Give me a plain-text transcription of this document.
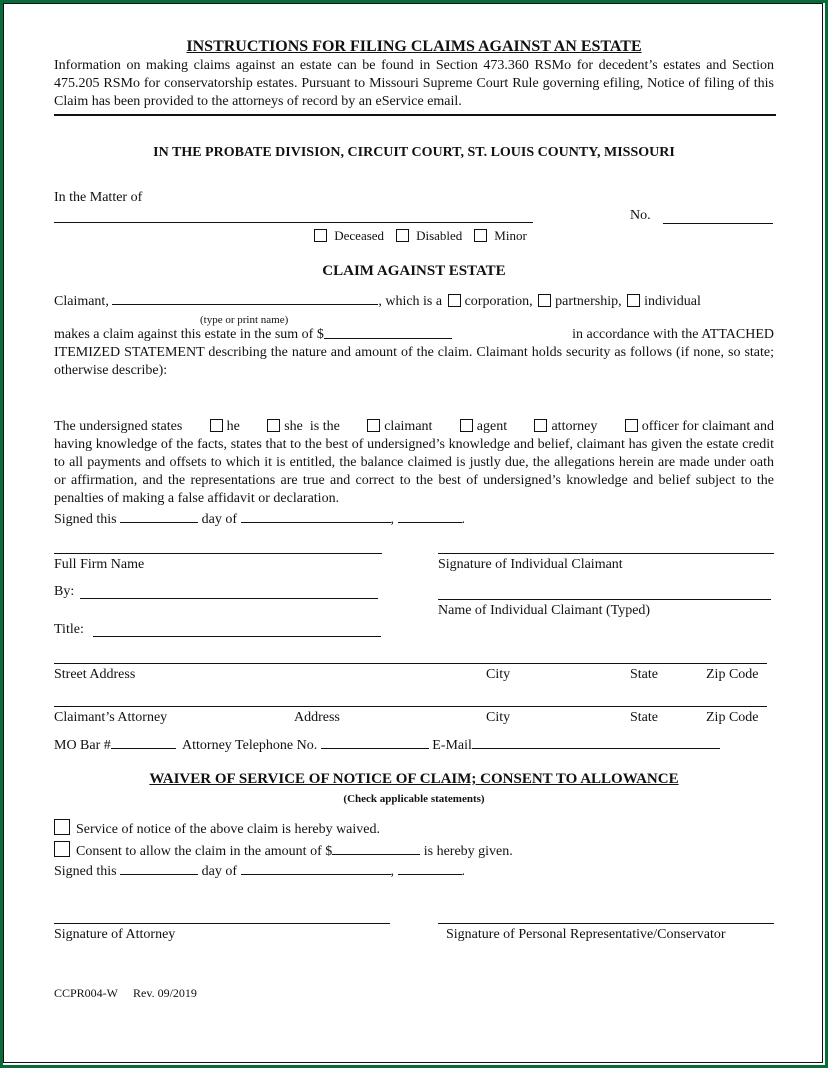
INSTRUCTIONS FOR FILING CLAIMS AGAINST AN ESTATE
Information on making claims against an estate can be found in Section 473.360 RSMo for decedent’s estates and Section 475.205 RSMo for conservatorship estates. Pursuant to Missouri Supreme Court Rule governing efiling, Notice of filing of this Claim has been provided to the attorneys of record by an eService email.
IN THE PROBATE DIVISION, CIRCUIT COURT, ST. LOUIS COUNTY, MISSOURI
In the Matter of
No.
Deceased Disabled Minor
CLAIM AGAINST ESTATE
Claimant,	, which is a corporation, partnership, individual
(type or print name)
makes a claim against this estate in the sum of $
	in accordance with the ATTACHED
ITEMIZED STATEMENT describing the nature and amount of the claim. Claimant holds security as follows (if none, so state; otherwise describe):
The undersigned states	he	she is the	claimant	agent	attorney	officer for claimant and
having knowledge of the facts, states that to the best of undersigned’s knowledge and belief, claimant has given the estate credit to all payments and offsets to which it is entitled, the balance claimed is justly due, the allegations herein are made under oath or affirmation, and the representations are true and correct to the best of undersigned’s knowledge and belief subject to the penalties of making a false affidavit or declaration.
Signed this	day of	,	.
Full Firm Name	Signature of Individual Claimant
By:
Name of Individual Claimant (Typed)
Title:
Street Address	City	State	Zip Code
Claimant’s Attorney	Address	City	State	Zip Code
MO Bar #	Attorney Telephone No.	E-Mail
WAIVER OF SERVICE OF NOTICE OF CLAIM; CONSENT TO ALLOWANCE
(Check applicable statements)
Service of notice of the above claim is hereby waived.
Consent to allow the claim in the amount of $	is hereby given.
Signed this	day of	,	.
Signature of Attorney	Signature of Personal Representative/Conservator
CCPR004-W Rev. 09/2019
